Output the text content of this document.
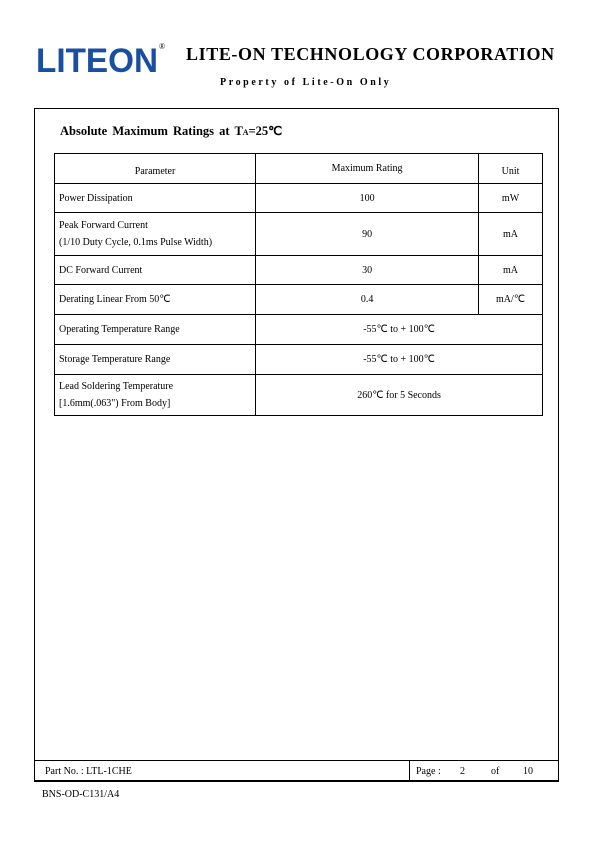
LITEON ® LITE-ON TECHNOLOGY CORPORATION
Property of Lite-On Only
Absolute Maximum Ratings at TA=25℃
Parameter	Maximum Rating	Unit
Power Dissipation	100	mW

Peak Forward Current
(1/10 Duty Cycle, 0.1ms Pulse Width)	90	mA
DC Forward Current	30	mA
Derating Linear From 50℃	0.4	mA/℃
Operating Temperature Range	-55℃ to + 100℃	
Storage Temperature Range	-55℃ to + 100℃	

Lead Soldering Temperature
[1.6mm(.063") From Body]	260℃ for 5 Seconds	
Part No. : LTL-1CHE	Page : 2	of 10
BNS-OD-C131/A4
